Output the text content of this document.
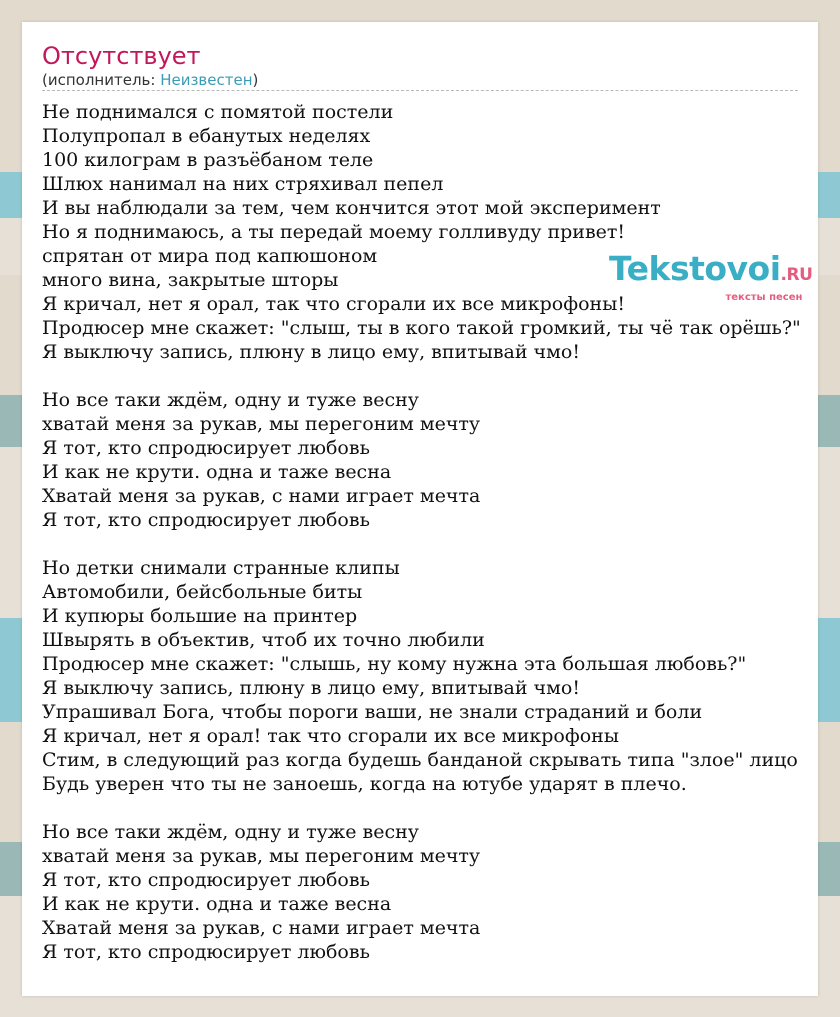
Отсутствует
(исполнитель: Неизвестен)
Не поднимался с помятой постели
Полупропал в ебанутых неделях
100 килограм в разъёбаном теле
Шлюх нанимал на них стряхивал пепел
И вы наблюдали за тем, чем кончится этот мой эксперимент
Но я поднимаюсь, а ты передай моему голливуду привет!
спрятан от мира под капюшоном
много вина, закрытые шторы
Я кричал, нет я орал, так что сгорали их все микрофоны!
Продюсер мне скажет: "слыш, ты в кого такой громкий, ты чё так орёшь?"
Я выключу запись, плюну в лицо ему, впитывай чмо!
Но все таки ждём, одну и туже весну
хватай меня за рукав, мы перегоним мечту
Я тот, кто спродюсирует любовь
И как не крути. одна и таже весна
Хватай меня за рукав, с нами играет мечта
Я тот, кто спродюсирует любовь
Но детки снимали странные клипы
Автомобили, бейсбольные биты
И купюры большие на принтер
Швырять в объектив, чтоб их точно любили
Продюсер мне скажет: "слышь, ну кому нужна эта большая любовь?"
Я выключу запись, плюну в лицо ему, впитывай чмо!
Упрашивал Бога, чтобы пороги ваши, не знали страданий и боли
Я кричал, нет я орал! так что сгорали их все микрофоны
Стим, в следующий раз когда будешь банданой скрывать типа "злое" лицо
Будь уверен что ты не заноешь, когда на ютубе ударят в плечо.
Но все таки ждём, одну и туже весну
хватай меня за рукав, мы перегоним мечту
Я тот, кто спродюсирует любовь
И как не крути. одна и таже весна
Хватай меня за рукав, с нами играет мечта
Я тот, кто спродюсирует любовь
Tekstovoi.RU
тексты песен
